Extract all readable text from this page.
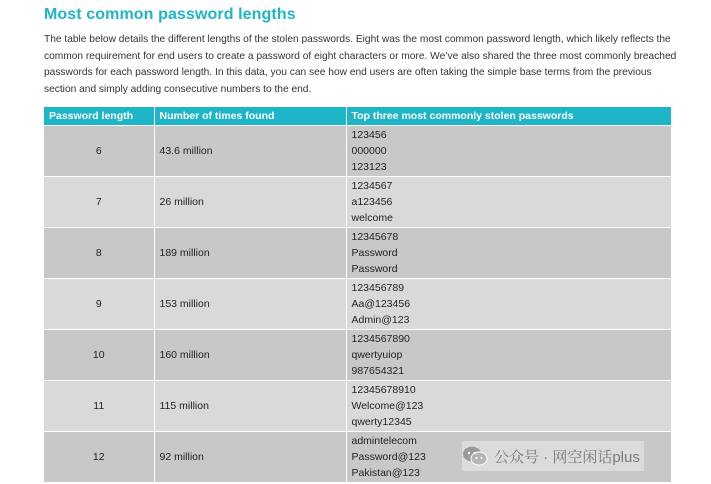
Most common password lengths
The table below details the different lengths of the stolen passwords. Eight was the most common password length, which likely reflects the common requirement for end users to create a password of eight characters or more. We’ve also shared the three most commonly breached passwords for each password length. In this data, you can see how end users are often taking the simple base terms from the previous section and simply adding consecutive numbers to the end.
Password length	Number of times found	Top three most commonly stolen passwords
6	43.6 million	123456
000000
123123

7	26 million	1234567
a123456
welcome

8	189 million	12345678
Password
Password

9	153 million	123456789
Aa@123456
Admin@123

10	160 million	1234567890
qwertyuiop
987654321

11	115 million	12345678910
Welcome@123
qwerty12345

12	92 million	admintelecom
Password@123
Pakistan@123
公众号 · 网空闲话plus
